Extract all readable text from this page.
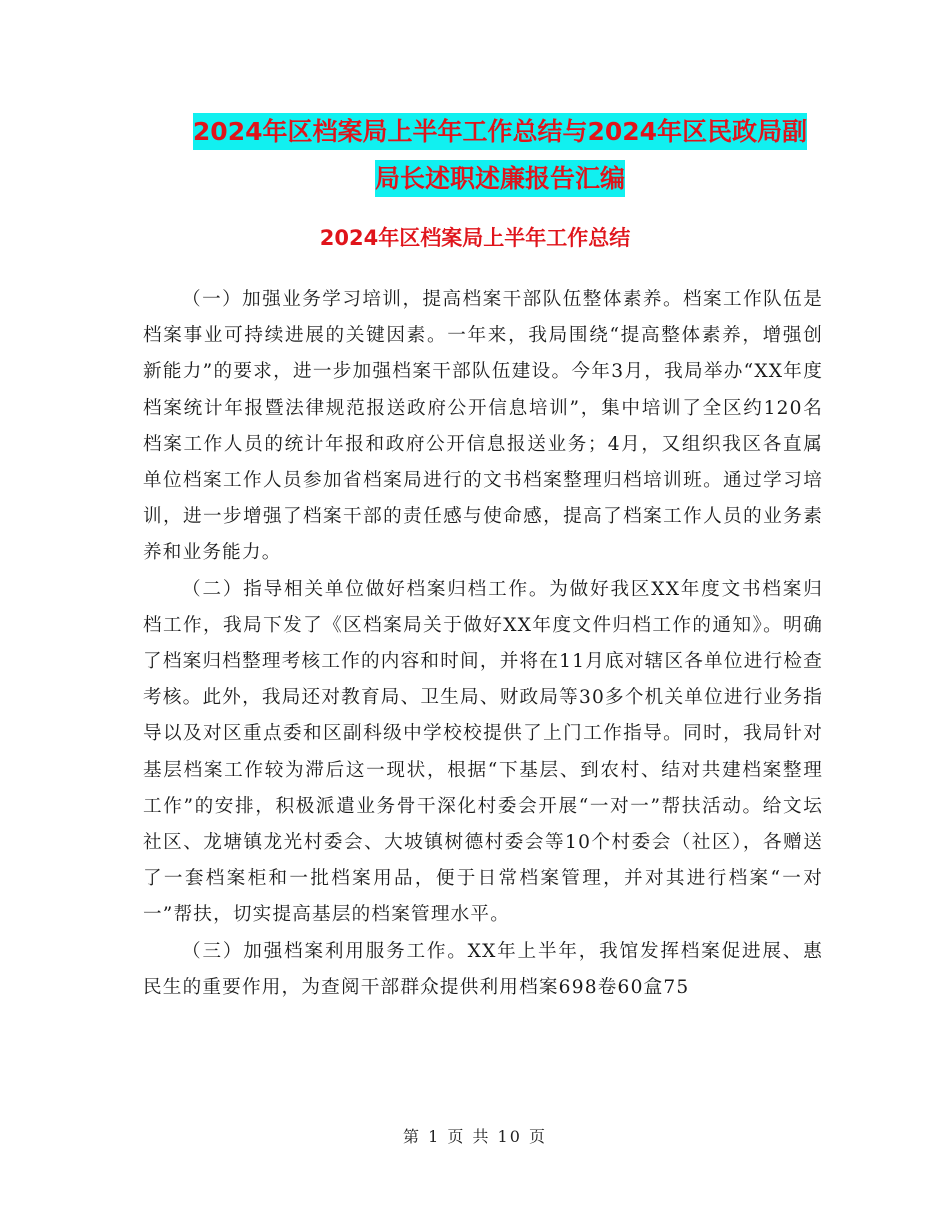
2024年区档案局上半年工作总结与2024年区民政局副
局长述职述廉报告汇编
2024年区档案局上半年工作总结

（一）加强业务学习培训，提高档案干部队伍整体素养。档案工作队伍是档案事业可持续进展的关键因素。一年来，我局围绕“提高整体素养，增强创新能力”的要求，进一步加强档案干部队伍建设。今年3月，我局举办“XX年度档案统计年报暨法律规范报送政府公开信息培训”，集中培训了全区约120名档案工作人员的统计年报和政府公开信息报送业务；4月，又组织我区各直属单位档案工作人员参加省档案局进行的文书档案整理归档培训班。通过学习培训，进一步增强了档案干部的责任感与使命感，提高了档案工作人员的业务素养和业务能力。

（二）指导相关单位做好档案归档工作。为做好我区XX年度文书档案归档工作，我局下发了《区档案局关于做好XX年度文件归档工作的通知》。明确了档案归档整理考核工作的内容和时间，并将在11月底对辖区各单位进行检查考核。此外，我局还对教育局、卫生局、财政局等30多个机关单位进行业务指导以及对区重点委和区副科级中学校校提供了上门工作指导。同时，我局针对基层档案工作较为滞后这一现状，根据“下基层、到农村、结对共建档案整理工作”的安排，积极派遣业务骨干深化村委会开展“一对一”帮扶活动。给文坛社区、龙塘镇龙光村委会、大坡镇树德村委会等10个村委会（社区），各赠送了一套档案柜和一批档案用品，便于日常档案管理，并对其进行档案“一对一”帮扶，切实提高基层的档案管理水平。

（三）加强档案利用服务工作。XX年上半年，我馆发挥档案促进展、惠民生的重要作用，为查阅干部群众提供利用档案698卷60盒75

第 1 页 共 10 页
